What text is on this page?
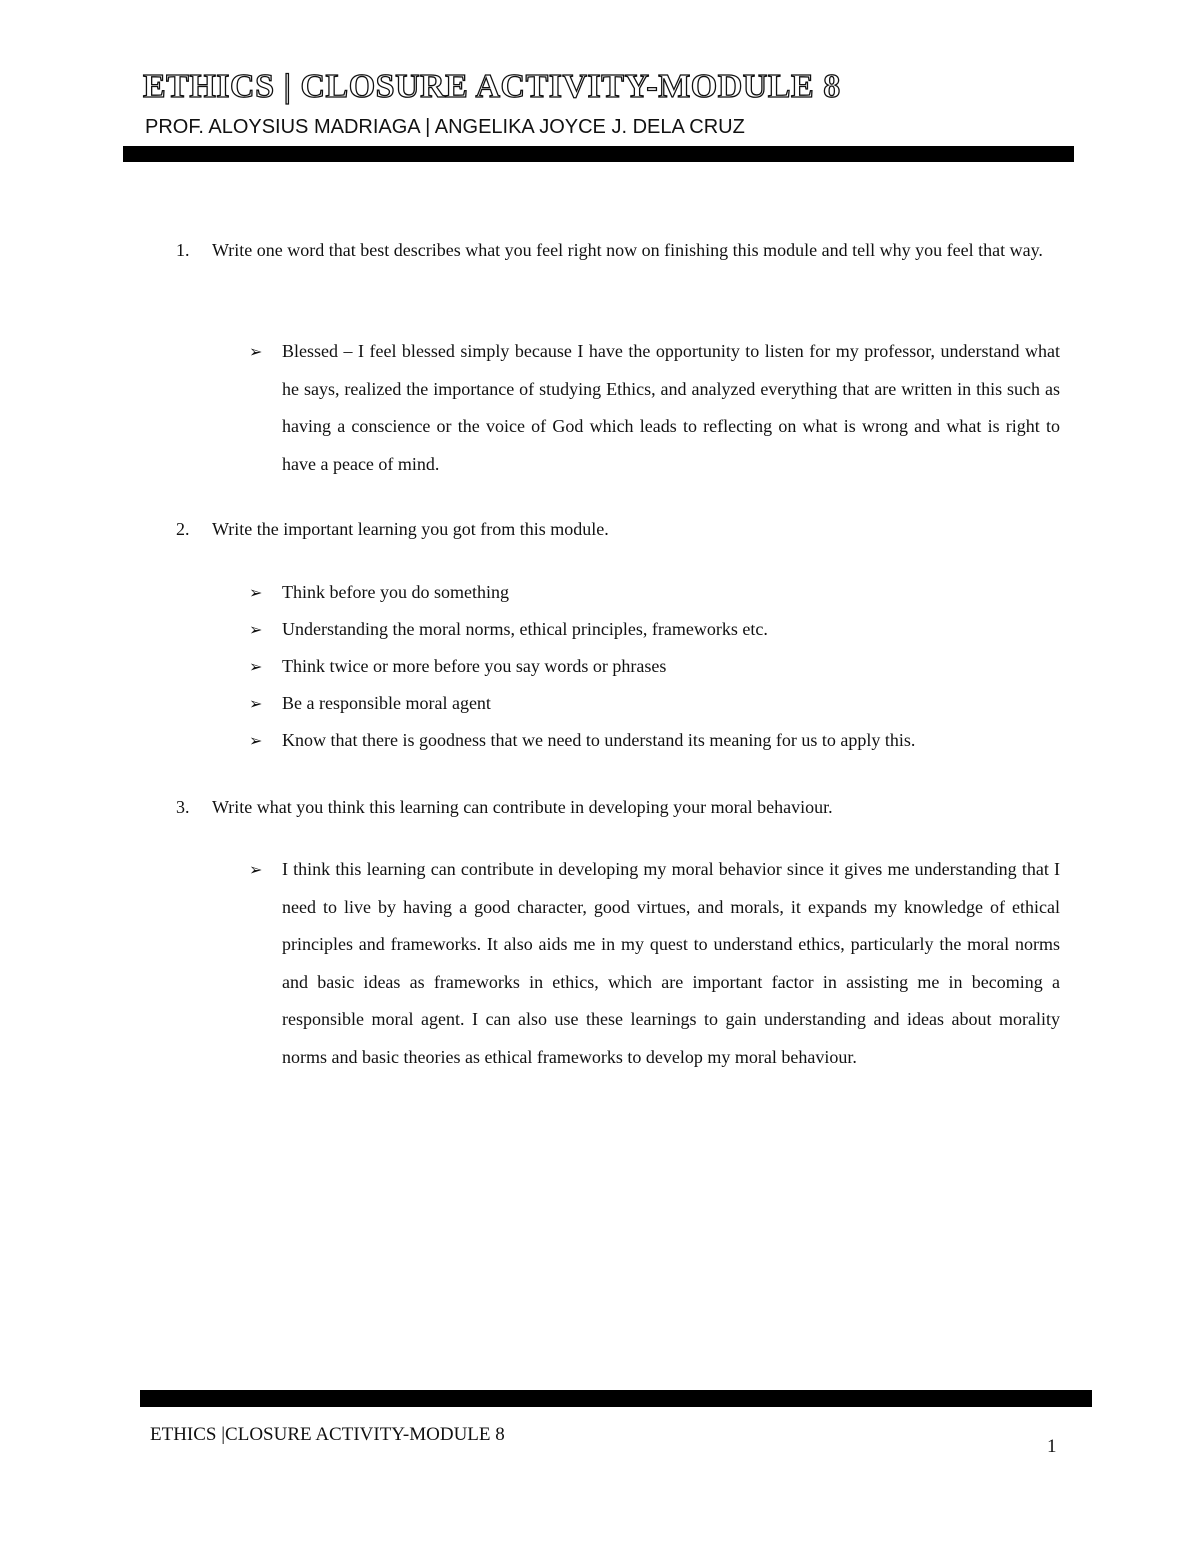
ETHICS | CLOSURE ACTIVITY-MODULE 8
PROF. ALOYSIUS MADRIAGA | ANGELIKA JOYCE J. DELA CRUZ
1. Write one word that best describes what you feel right now on finishing this module and tell why you feel that way.
➢ Blessed – I feel blessed simply because I have the opportunity to listen for my professor, understand what he says, realized the importance of studying Ethics, and analyzed everything that are written in this such as having a conscience or the voice of God which leads to reflecting on what is wrong and what is right to have a peace of mind.
2. Write the important learning you got from this module.
➢ Think before you do something
➢ Understanding the moral norms, ethical principles, frameworks etc.
➢ Think twice or more before you say words or phrases
➢ Be a responsible moral agent
➢ Know that there is goodness that we need to understand its meaning for us to apply this.
3. Write what you think this learning can contribute in developing your moral behaviour.
➢ I think this learning can contribute in developing my moral behavior since it gives me understanding that I need to live by having a good character, good virtues, and morals, it expands my knowledge of ethical principles and frameworks. It also aids me in my quest to understand ethics, particularly the moral norms and basic ideas as frameworks in ethics, which are important factor in assisting me in becoming a responsible moral agent. I can also use these learnings to gain understanding and ideas about morality norms and basic theories as ethical frameworks to develop my moral behaviour.
ETHICS |CLOSURE ACTIVITY-MODULE 8
1
